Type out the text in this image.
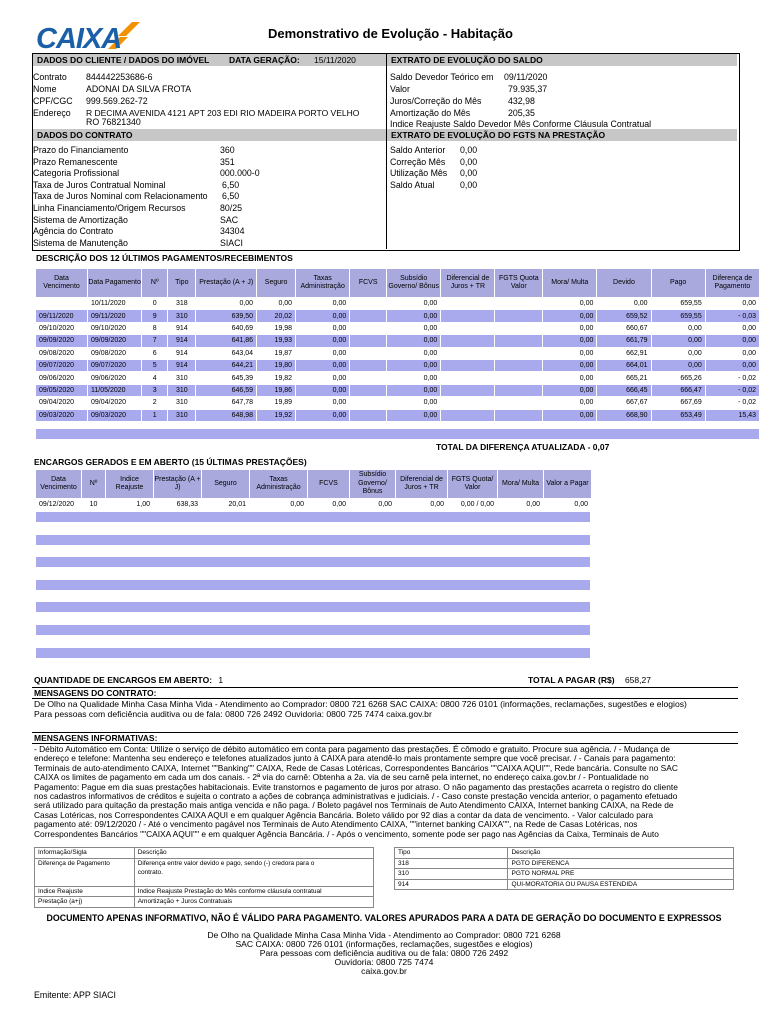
CAIXA	Demonstrativo de Evolução - Habitação
DADOS DO CLIENTE / DADOS DO IMÓVEL DATA GERAÇÃO: 15/11/2020	EXTRATO DE EVOLUÇÃO DO SALDO
Contrato 844442253686-6
Nome	ADONAI DA SILVA FROTA
CPF/CGC 999.569.262-72
Endereço R DECIMA AVENIDA 4121 APT 203 EDI RIO MADEIRA PORTO VELHO
RO 76821340
Saldo Devedor Teórico em 09/11/2020
Valor	79.935,37
Juros/Correção do Mês	432,98
Amortização do Mês	205,35
Indice Reajuste Saldo Devedor Mês Conforme Cláusula Contratual
DADOS DO CONTRATO	EXTRATO DE EVOLUÇÃO DO FGTS NA PRESTAÇÃO
Prazo do Financiamento	360
Prazo Remanescente	351
Categoria Profissional	000.000-0
Taxa de Juros Contratual Nominal	6,50
Taxa de Juros Nominal com Relacionamento 6,50
Linha Financiamento/Origem Recursos	80/25
Sistema de Amortização	SAC
Agência do Contrato	34304
Sistema de Manutenção	SIACI
Saldo Anterior 0,00
Correção Mês 0,00
Utilização Mês 0,00
Saldo Atual	0,00
DESCRIÇÃO DOS 12 ÚLTIMOS PAGAMENTOS/RECEBIMENTOS
Data Vencimento	Data Pagamento	Nº	Tipo	Prestação (A + J)	Seguro	Taxas Administração	FCVS	Subsídio Governo/ Bônus	Diferencial de Juros + TR	FGTS Quota Valor	Mora/ Multa	Devido	Pago	Diferença de Pagamento
	10/11/2020	0	318	0,00	0,00	0,00		0,00			0,00	0,00	659,55	0,00
09/11/2020	09/11/2020	9	310	639,50	20,02	0,00		0,00			0,00	659,52	659,55	- 0,03
09/10/2020	09/10/2020	8	914	640,69	19,98	0,00		0,00			0,00	660,67	0,00	0,00
09/09/2020	09/09/2020	7	914	641,86	19,93	0,00		0,00			0,00	661,79	0,00	0,00
09/08/2020	09/08/2020	6	914	643,04	19,87	0,00		0,00			0,00	662,91	0,00	0,00
09/07/2020	09/07/2020	5	914	644,21	19,80	0,00		0,00			0,00	664,01	0,00	0,00
09/06/2020	09/06/2020	4	310	645,39	19,82	0,00		0,00			0,00	665,21	665,26	- 0,02
09/05/2020	11/05/2020	3	310	646,59	19,86	0,00		0,00			0,00	666,45	666,47	- 0,02
09/04/2020	09/04/2020	2	310	647,78	19,89	0,00		0,00			0,00	667,67	667,69	- 0,02
09/03/2020	09/03/2020	1	310	648,98	19,92	0,00		0,00			0,00	668,90	653,49	15,43
TOTAL DA DIFERENÇA ATUALIZADA - 0,07
ENCARGOS GERADOS E EM ABERTO (15 ÚLTIMAS PRESTAÇÕES)
Data Vencimento	Nº	Indice Reajuste	Prestação (A + J)	Seguro	Taxas Administração	FCVS	Subsídio Governo/ Bônus	Diferencial de Juros + TR	FGTS Quota/ Valor	Mora/ Multa	Valor a Pagar
09/12/2020	10	1,00	638,33	20,01	0,00	0,00	0,00	0,00	0,00 / 0,00	0,00	0,00
QUANTIDADE DE ENCARGOS EM ABERTO: 1	TOTAL A PAGAR (R$) 658,27
MENSAGENS DO CONTRATO:
De Olho na Qualidade Minha Casa Minha Vida - Atendimento ao Comprador: 0800 721 6268 SAC CAIXA: 0800 726 0101 (informações, reclamações, sugestões e elogios)
Para pessoas com deficiência auditiva ou de fala: 0800 726 2492 Ouvidoria: 0800 725 7474 caixa.gov.br
MENSAGENS INFORMATIVAS:
- Débito Automático em Conta: Utilize o serviço de débito automático em conta para pagamento das prestações. É cômodo e gratuito. Procure sua agência. / - Mudança de
endereço e telefone: Mantenha seu endereço e telefones atualizados junto à CAIXA para atendê-lo mais prontamente sempre que você precisar. / - Canais para pagamento:
Terminais de auto-atendimento CAIXA, Internet ""Banking"" CAIXA, Rede de Casas Lotéricas, Correspondentes Bancários ""CAIXA AQUI"", Rede bancária. Consulte no SAC
CAIXA os limites de pagamento em cada um dos canais. - 2ª via do carnê: Obtenha a 2a. via de seu carnê pela internet, no endereço caixa.gov.br / - Pontualidade no
Pagamento: Pague em dia suas prestações habitacionais. Evite transtornos e pagamento de juros por atraso. O não pagamento das prestações acarreta o registro do cliente
nos cadastros informativos de créditos e sujeita o contrato a ações de cobrança administrativas e judiciais. / - Caso conste prestação vencida anterior, o pagamento efetuado
será utilizado para quitação da prestação mais antiga vencida e não paga. / Boleto pagável nos Terminais de Auto Atendimento CAIXA, Internet banking CAIXA, na Rede de
Casas Lotéricas, nos Correspondentes CAIXA AQUI e em qualquer Agência Bancária. Boleto válido por 92 dias a contar da data de vencimento. - Valor calculado para
pagamento até: 09/12/2020 / - Até o vencimento pagável nos Terminais de Auto Atendimento CAIXA, ""internet banking CAIXA"", na Rede de Casas Lotéricas, nos
Correspondentes Bancários ""CAIXA AQUI"" e em qualquer Agência Bancária. / - Após o vencimento, somente pode ser pago nas Agências da Caixa, Terminais de Auto
Informação/Sigla	Descrição
Diferença de Pagamento	Diferença entre valor devido e pago, sendo (-) credora para o
contrato.

Indice Reajuste	Indice Reajuste Prestação do Mês conforme cláusula contratual
Prestação (a+j)	Amortização + Juros Contratuais
Tipo	Descrição
318	PGTO DIFERENCA
310	PGTO NORMAL PRE
914	QUI-MORATORIA OU PAUSA ESTENDIDA
DOCUMENTO APENAS INFORMATIVO, NÃO É VÁLIDO PARA PAGAMENTO. VALORES APURADOS PARA A DATA DE GERAÇÃO DO DOCUMENTO E EXPRESSOS
De Olho na Qualidade Minha Casa Minha Vida - Atendimento ao Comprador: 0800 721 6268
SAC CAIXA: 0800 726 0101 (informações, reclamações, sugestões e elogios)
Para pessoas com deficiência auditiva ou de fala: 0800 726 2492
Ouvidoria: 0800 725 7474
caixa.gov.br
Emitente: APP SIACI
